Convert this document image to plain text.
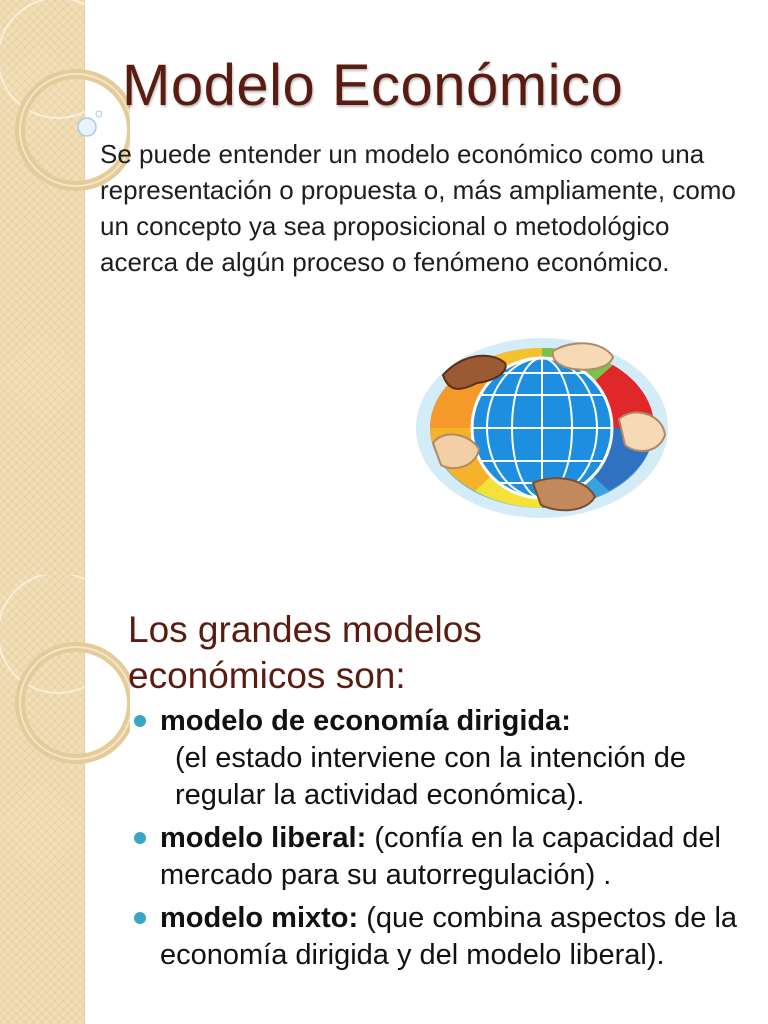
Modelo Económico

Se puede entender un modelo económico como una representación o propuesta o, más ampliamente, como un concepto ya sea proposicional o metodológico acerca de algún proceso o fenómeno económico.

Los grandes modelos económicos son:
modelo de economía dirigida:
(el estado interviene con la intención de regular la actividad económica).
modelo liberal: (confía en la capacidad del mercado para su autorregulación) .
modelo mixto: (que combina aspectos de la economía dirigida y del modelo liberal).
